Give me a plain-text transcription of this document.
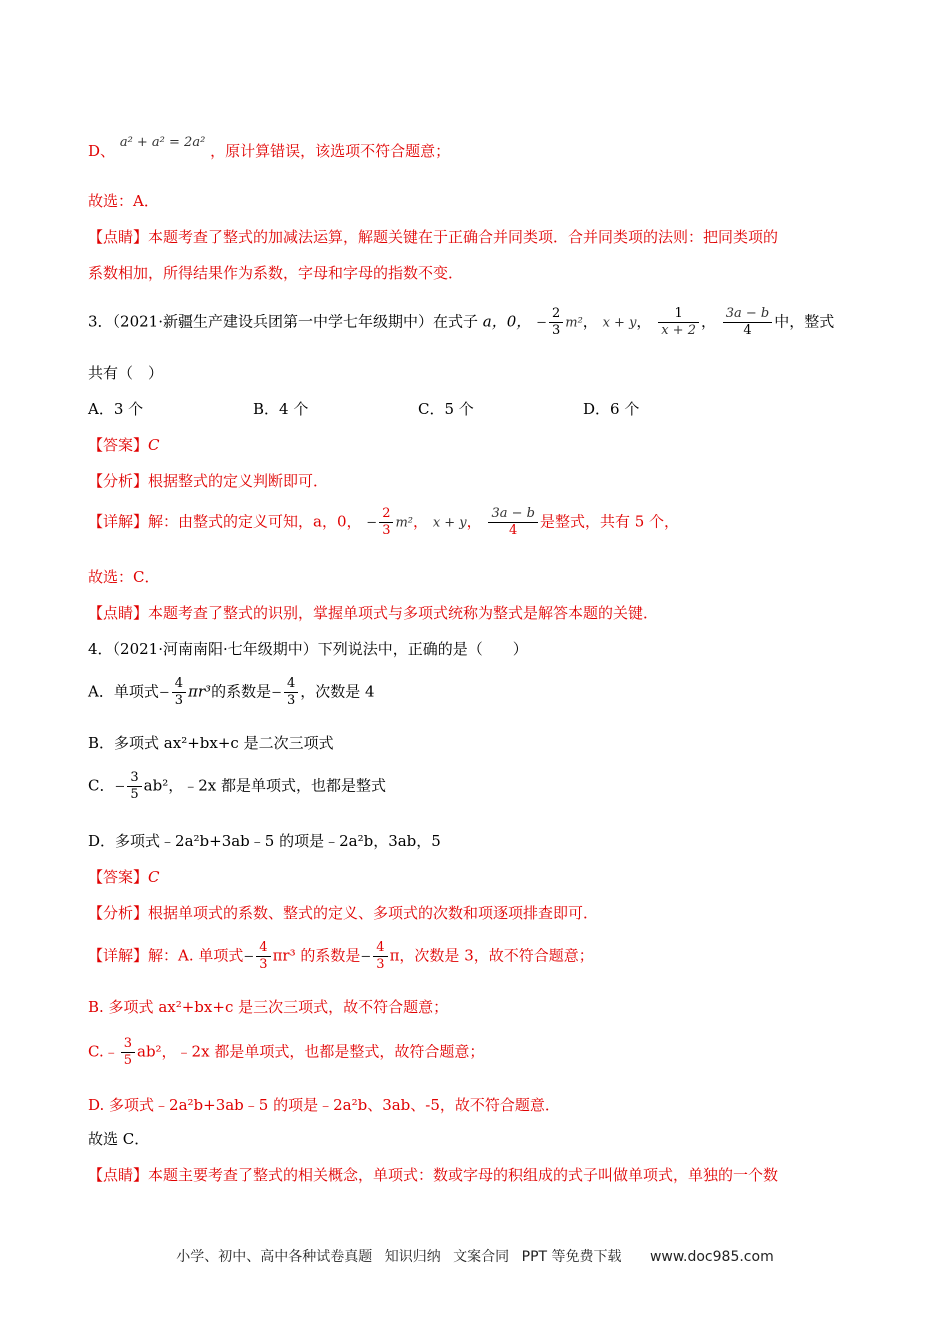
D、 a² + a² = 2a² ，原计算错误，该选项不符合题意；
故选：A．
【点睛】本题考查了整式的加减法运算，解题关键在于正确合并同类项．合并同类项的法则：把同类项的
系数相加，所得结果作为系数，字母和字母的指数不变．
3．（2021·新疆生产建设兵团第一中学七年级期中）在式子 a，0， − $\frac{2}{3} m^2$， x + y， $\frac{1}{x + 2}$ ， $\frac{3a - b}{4}$ 中，整式
共有（　）
A．3 个	B．4 个	C．5 个	D．6 个
【答案】C
【分析】根据整式的定义判断即可．
【详解】解：由整式的定义可知，a，0， − $\frac{2}{3} m^2$， x + y， $\frac{3a - b}{4}$ 是整式，共有 5 个，
故选：C．
【点睛】本题考查了整式的识别，掌握单项式与多项式统称为整式是解答本题的关键．
4．（2021·河南南阳·七年级期中）下列说法中，正确的是（　　）
A．单项式− $\frac{4}{3} \pi r^3$的系数是− $\frac{4}{3}$ ，次数是 4
B．多项式 ax²+bx+c 是二次三项式
C．− $\frac{3}{5} ab^2$，﹣2x 都是单项式，也都是整式
D．多项式﹣2a²b+3ab﹣5 的项是﹣2a²b，3ab，5
【答案】C
【分析】根据单项式的系数、整式的定义、多项式的次数和项逐项排查即可．
【详解】解：A. 单项式− $\frac{4}{3} \pi r^3$ 的系数是− $\frac{4}{3}$ π，次数是 3，故不符合题意；
B. 多项式 ax²+bx+c 是三次三项式，故不符合题意；
C.﹣ $\frac{3}{5} ab^2$，﹣2x 都是单项式，也都是整式，故符合题意；
D. 多项式﹣2a²b+3ab﹣5 的项是﹣2a²b、3ab、-5，故不符合题意．
故选 C．
【点睛】本题主要考查了整式的相关概念，单项式：数或字母的积组成的式子叫做单项式，单独的一个数
小学、初中、高中各种试卷真题 知识归纳 文案合同 PPT 等免费下载 www.doc985.com
